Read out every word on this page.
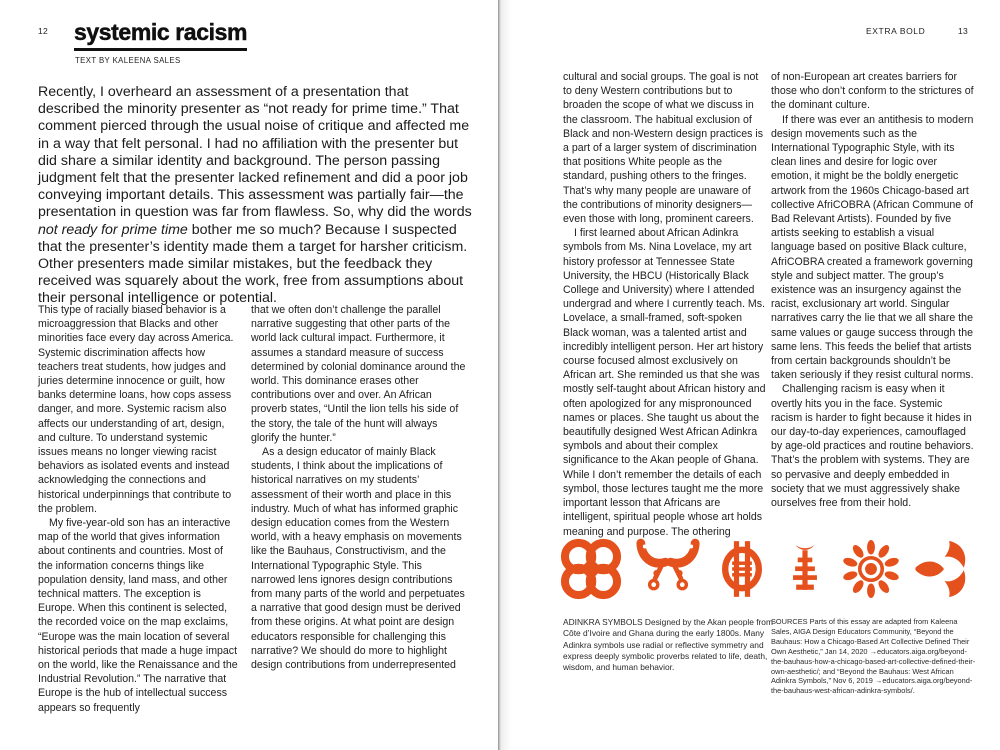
12 systemic racism
TEXT BY KALEENA SALES
Recently, I overheard an assessment of a presentation that described the minority presenter as “not ready for prime time.” That comment pierced through the usual noise of critique and affected me in a way that felt personal. I had no affiliation with the presenter but did share a similar identity and background. The person passing judgment felt that the presenter lacked refinement and did a poor job conveying important details. This assessment was partially fair—the presentation in question was far from flawless. So, why did the words not ready for prime time bother me so much? Because I suspected that the presenter’s identity made them a target for harsher criticism. Other presenters made similar mistakes, but the feedback they received was squarely about the work, free from assumptions about their personal intelligence or potential.

This type of racially biased behavior is a microaggression that Blacks and other minorities face every day across America. Systemic discrimination affects how teachers treat students, how judges and juries determine innocence or guilt, how banks determine loans, how cops assess danger, and more. Systemic racism also affects our understanding of art, design, and culture. To understand systemic issues means no longer viewing racist behaviors as isolated events and instead acknowledging the connections and historical underpinnings that contribute to the problem.

My five-year-old son has an interactive map of the world that gives information about continents and countries. Most of the information concerns things like population density, land mass, and other technical matters. The exception is Europe. When this continent is selected, the recorded voice on the map exclaims, “Europe was the main location of several historical periods that made a huge impact on the world, like the Renaissance and the Industrial Revolution.” The narrative that Europe is the hub of intellectual success appears so frequently

that we often don’t challenge the parallel narrative suggesting that other parts of the world lack cultural impact. Furthermore, it assumes a standard measure of success determined by colonial dominance around the world. This dominance erases other contributions over and over. An African proverb states, “Until the lion tells his side of the story, the tale of the hunt will always glorify the hunter.”

As a design educator of mainly Black students, I think about the implications of historical narratives on my students’ assessment of their worth and place in this industry. Much of what has informed graphic design education comes from the Western world, with a heavy emphasis on movements like the Bauhaus, Constructivism, and the International Typographic Style. This narrowed lens ignores design contributions from many parts of the world and perpetuates a narrative that good design must be derived from these origins. At what point are design educators responsible for challenging this narrative? We should do more to highlight design contributions from underrepresented

EXTRA BOLD	13

cultural and social groups. The goal is not to deny Western contributions but to broaden the scope of what we discuss in the classroom. The habitual exclusion of Black and non-Western design practices is a part of a larger system of discrimination that positions White people as the standard, pushing others to the fringes. That’s why many people are unaware of the contributions of minority designers—even those with long, prominent careers.

I first learned about African Adinkra symbols from Ms. Nina Lovelace, my art history professor at Tennessee State University, the HBCU (Historically Black College and University) where I attended undergrad and where I currently teach. Ms. Lovelace, a small-framed, soft-spoken Black woman, was a talented artist and incredibly intelligent person. Her art history course focused almost exclusively on African art. She reminded us that she was mostly self-taught about African history and often apologized for any mispronounced names or places. She taught us about the beautifully designed West African Adinkra symbols and about their complex significance to the Akan people of Ghana. While I don’t remember the details of each symbol, those lectures taught me the more important lesson that Africans are intelligent, spiritual people whose art holds meaning and purpose. The othering

of non-European art creates barriers for those who don’t conform to the strictures of the dominant culture.

If there was ever an antithesis to modern design movements such as the International Typographic Style, with its clean lines and desire for logic over emotion, it might be the boldly energetic artwork from the 1960s Chicago-based art collective AfriCOBRA (African Commune of Bad Relevant Artists). Founded by five artists seeking to establish a visual language based on positive Black culture, AfriCOBRA created a framework governing style and subject matter. The group’s existence was an insurgency against the racist, exclusionary art world. Singular narratives carry the lie that we all share the same values or gauge success through the same lens. This feeds the belief that artists from certain backgrounds shouldn’t be taken seriously if they resist cultural norms.

Challenging racism is easy when it overtly hits you in the face. Systemic racism is harder to fight because it hides in our day-to-day experiences, camouflaged by age-old practices and routine behaviors. That’s the problem with systems. They are so pervasive and deeply embedded in society that we must aggressively shake ourselves free from their hold.

ADINKRA SYMBOLS Designed by the Akan people from Côte d’Ivoire and Ghana during the early 1800s. Many Adinkra symbols use radial or reflective symmetry and express deeply symbolic proverbs related to life, death, wisdom, and human behavior.
SOURCES Parts of this essay are adapted from Kaleena Sales, AIGA Design Educators Community, “Beyond the Bauhaus: How a Chicago-Based Art Collective Defined Their Own Aesthetic,” Jan 14, 2020 →educators.aiga.org/beyond-the-bauhaus-how-a-chicago-based-art-collective-defined-their-own-aesthetic/; and “Beyond the Bauhaus: West African Adinkra Symbols,” Nov 6, 2019 →educators.aiga.org/beyond-the-bauhaus-west-african-adinkra-symbols/.
